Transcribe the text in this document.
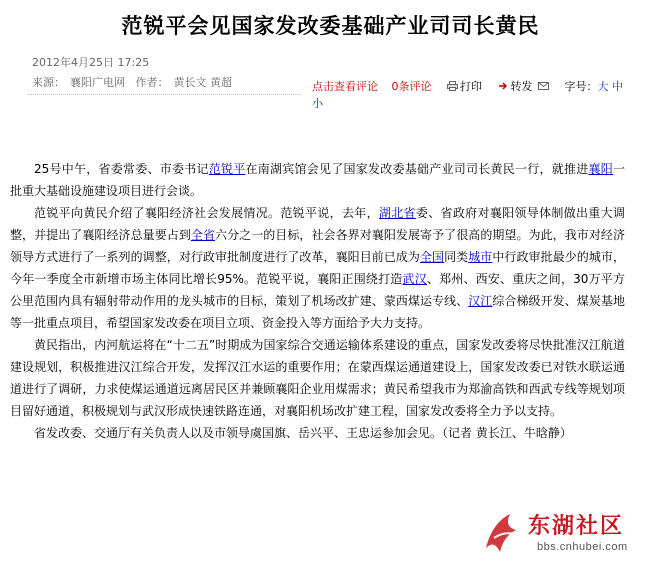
范锐平会见国家发改委基础产业司司长黄民
2012年4月25日 17:25
来源： 襄阳广电网 作者： 黄长文 黄超	点击查看评论 0条评论	打印	转发	字号：大 中
小

25号中午，省委常委、市委书记范锐平在南湖宾馆会见了国家发改委基础产业司司长黄民一行，就推进襄阳一批重大基础设施建设项目进行会谈。

范锐平向黄民介绍了襄阳经济社会发展情况。范锐平说，去年，湖北省委、省政府对襄阳领导体制做出重大调整，并提出了襄阳经济总量要占到全省六分之一的目标，社会各界对襄阳发展寄予了很高的期望。为此，我市对经济领导方式进行了一系列的调整，对行政审批制度进行了改革，襄阳目前已成为全国同类城市中行政审批最少的城市，今年一季度全市新增市场主体同比增长95%。范锐平说，襄阳正围绕打造武汉、郑州、西安、重庆之间，30万平方公里范围内具有辐射带动作用的龙头城市的目标，策划了机场改扩建、蒙西煤运专线、汉江综合梯级开发、煤炭基地等一批重点项目，希望国家发改委在项目立项、资金投入等方面给予大力支持。

黄民指出，内河航运将在“十二五”时期成为国家综合交通运输体系建设的重点，国家发改委将尽快批准汉江航道建设规划，积极推进汉江综合开发，发挥汉江水运的重要作用；在蒙西煤运通道建设上，国家发改委已对铁水联运通道进行了调研，力求使煤运通道远离居民区并兼顾襄阳企业用煤需求；黄民希望我市为郑渝高铁和西武专线等规划项目留好通道，积极规划与武汉形成快速铁路连通，对襄阳机场改扩建工程，国家发改委将全力予以支持。

省发改委、交通厅有关负责人以及市领导虞国旗、岳兴平、王忠运参加会见。（记者 黄长江、牛晗静）

东湖社区
bbs.cnhubei.com
